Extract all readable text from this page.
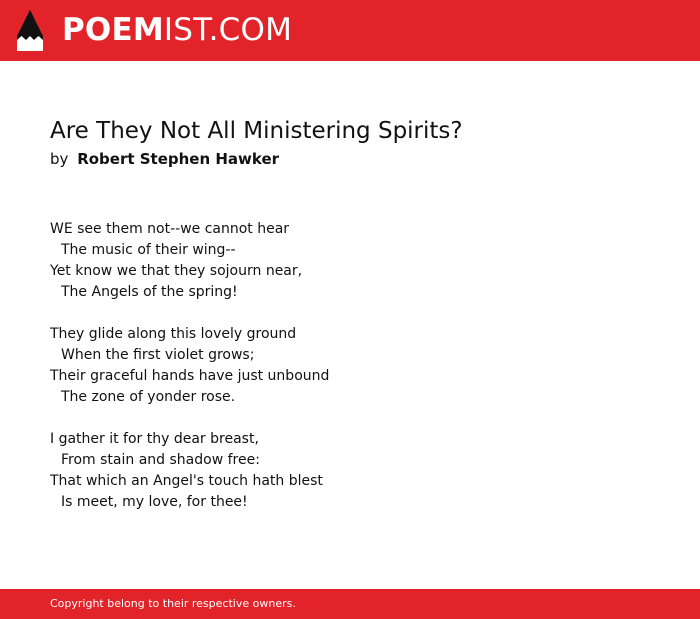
POEMIST.COM
Are They Not All Ministering Spirits?
by Robert Stephen Hawker
WE see them not--we cannot hear
The music of their wing--
Yet know we that they sojourn near,
The Angels of the spring!
They glide along this lovely ground
When the first violet grows;
Their graceful hands have just unbound
The zone of yonder rose.
I gather it for thy dear breast,
From stain and shadow free:
That which an Angel's touch hath blest
Is meet, my love, for thee!
Copyright belong to their respective owners.
